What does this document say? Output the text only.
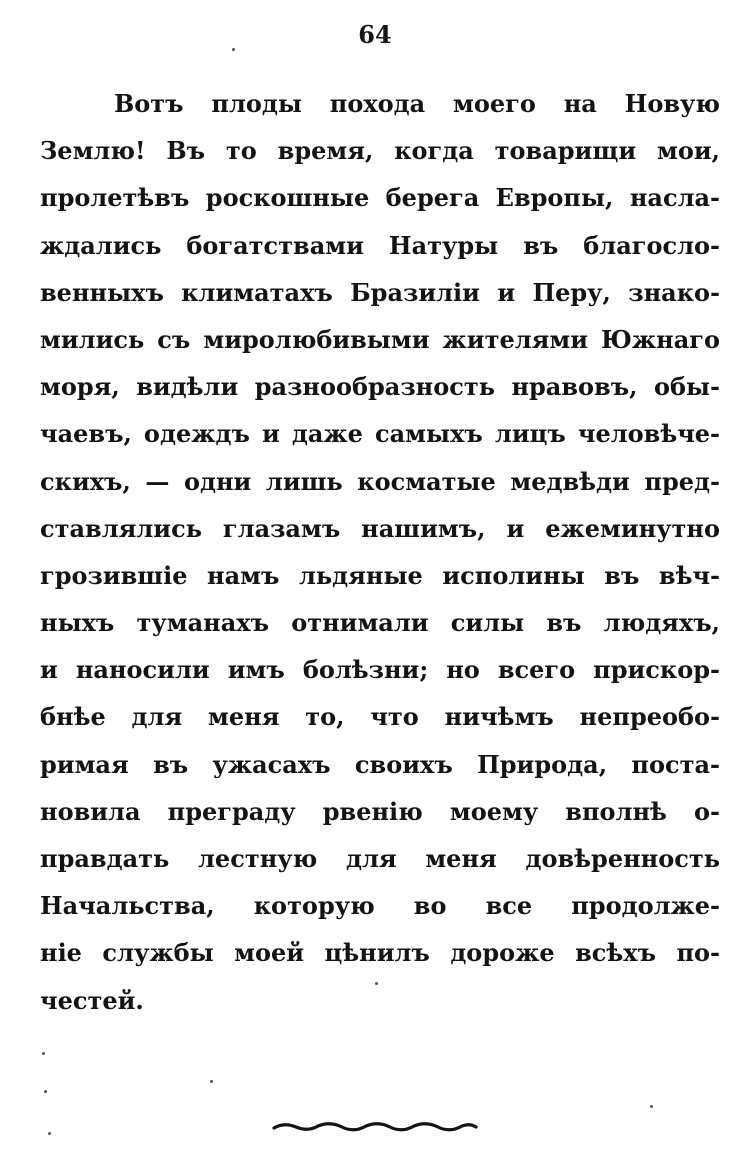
64
Вотъ плоды похода моего на Новую
Землю! Въ то время, когда товарищи мои,
пролетѣвъ роскошные берега Европы, насла-
ждались богатствами Натуры въ благосло-
венныхъ климатахъ Бразиліи и Перу, знако-
мились съ миролюбивыми жителями Южнаго
моря, видѣли разнообразность нравовъ, обы-
чаевъ, одеждъ и даже самыхъ лицъ человѣче-
скихъ, — одни лишь косматые медвѣди пред-
ставлялись глазамъ нашимъ, и ежеминутно
грозившіе намъ льдяные исполины въ вѣч-
ныхъ туманахъ отнимали силы въ людяхъ,
и наносили имъ болѣзни; но всего прискор-
бнѣе для меня то, что ничѣмъ непреобо-
римая въ ужасахъ своихъ Природа, поста-
новила преграду рвенію моему вполнѣ о-
правдать лестную для меня довѣренность
Начальства, которую во все продолже-
ніе службы моей цѣнилъ дороже всѣхъ по-
честей.
